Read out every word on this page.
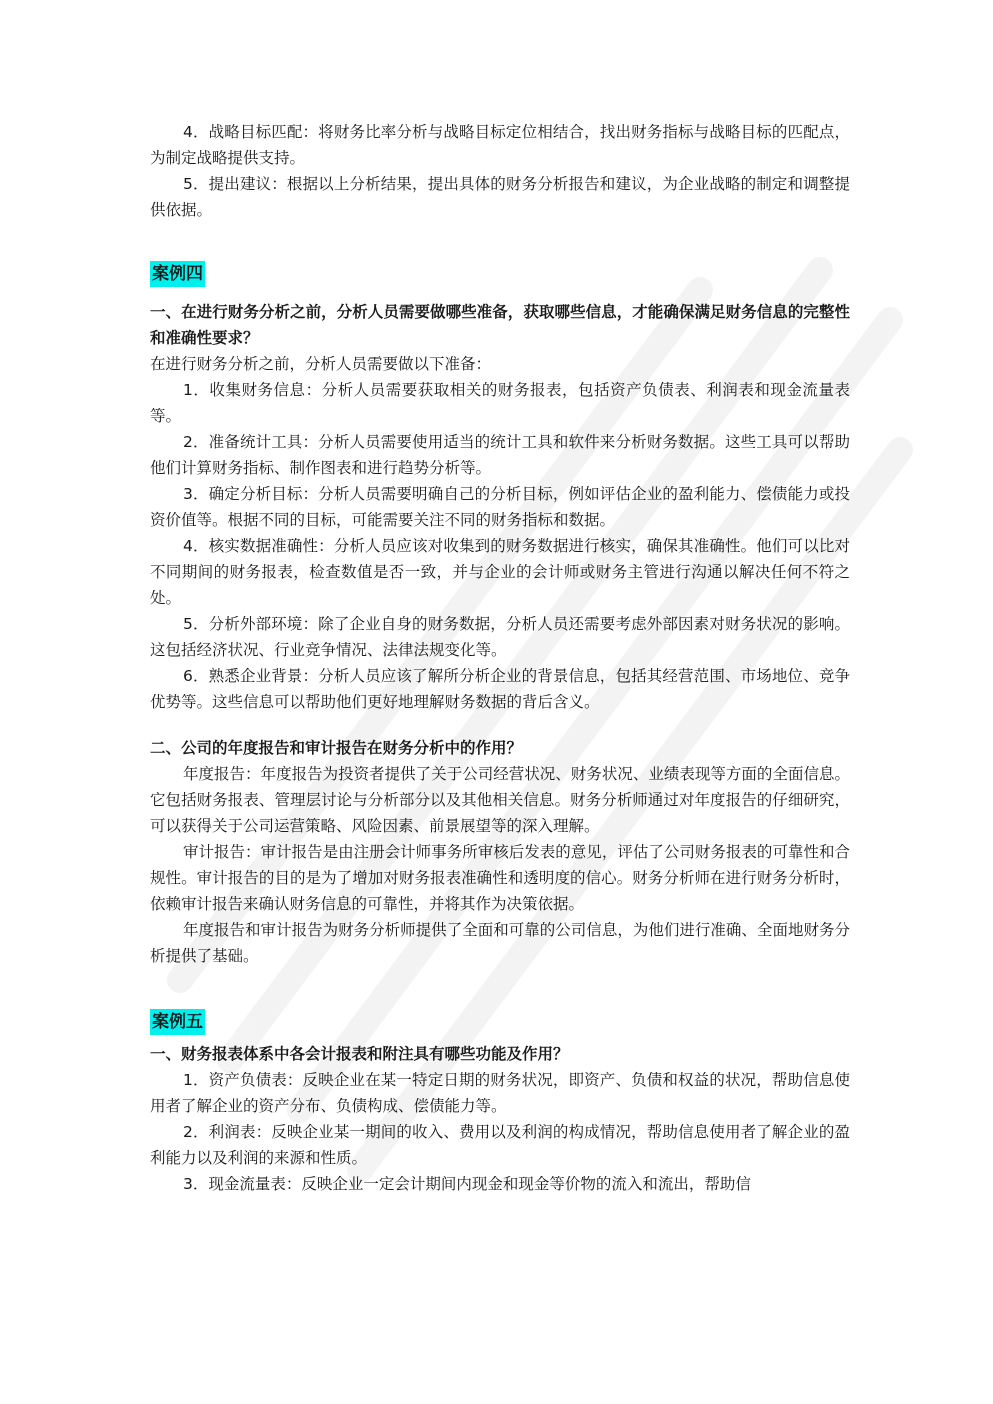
4．战略目标匹配：将财务比率分析与战略目标定位相结合，找出财务指标与战略目标的匹配点，为制定战略提供支持。

5．提出建议：根据以上分析结果，提出具体的财务分析报告和建议，为企业战略的制定和调整提供依据。

案例四

一、在进行财务分析之前，分析人员需要做哪些准备，获取哪些信息，才能确保满足财务信息的完整性和准确性要求？

在进行财务分析之前，分析人员需要做以下准备：

1．收集财务信息：分析人员需要获取相关的财务报表，包括资产负债表、利润表和现金流量表等。

2．准备统计工具：分析人员需要使用适当的统计工具和软件来分析财务数据。这些工具可以帮助他们计算财务指标、制作图表和进行趋势分析等。

3．确定分析目标：分析人员需要明确自己的分析目标，例如评估企业的盈利能力、偿债能力或投资价值等。根据不同的目标，可能需要关注不同的财务指标和数据。

4．核实数据准确性：分析人员应该对收集到的财务数据进行核实，确保其准确性。他们可以比对不同期间的财务报表，检查数值是否一致，并与企业的会计师或财务主管进行沟通以解决任何不符之处。

5．分析外部环境：除了企业自身的财务数据，分析人员还需要考虑外部因素对财务状况的影响。这包括经济状况、行业竞争情况、法律法规变化等。

6．熟悉企业背景：分析人员应该了解所分析企业的背景信息，包括其经营范围、市场地位、竞争优势等。这些信息可以帮助他们更好地理解财务数据的背后含义。

二、公司的年度报告和审计报告在财务分析中的作用？

年度报告：年度报告为投资者提供了关于公司经营状况、财务状况、业绩表现等方面的全面信息。它包括财务报表、管理层讨论与分析部分以及其他相关信息。财务分析师通过对年度报告的仔细研究，可以获得关于公司运营策略、风险因素、前景展望等的深入理解。

审计报告：审计报告是由注册会计师事务所审核后发表的意见，评估了公司财务报表的可靠性和合规性。审计报告的目的是为了增加对财务报表准确性和透明度的信心。财务分析师在进行财务分析时，依赖审计报告来确认财务信息的可靠性，并将其作为决策依据。

年度报告和审计报告为财务分析师提供了全面和可靠的公司信息，为他们进行准确、全面地财务分析提供了基础。

案例五

一、财务报表体系中各会计报表和附注具有哪些功能及作用？

1．资产负债表：反映企业在某一特定日期的财务状况，即资产、负债和权益的状况，帮助信息使用者了解企业的资产分布、负债构成、偿债能力等。

2．利润表：反映企业某一期间的收入、费用以及利润的构成情况，帮助信息使用者了解企业的盈利能力以及利润的来源和性质。

3．现金流量表：反映企业一定会计期间内现金和现金等价物的流入和流出，帮助信
